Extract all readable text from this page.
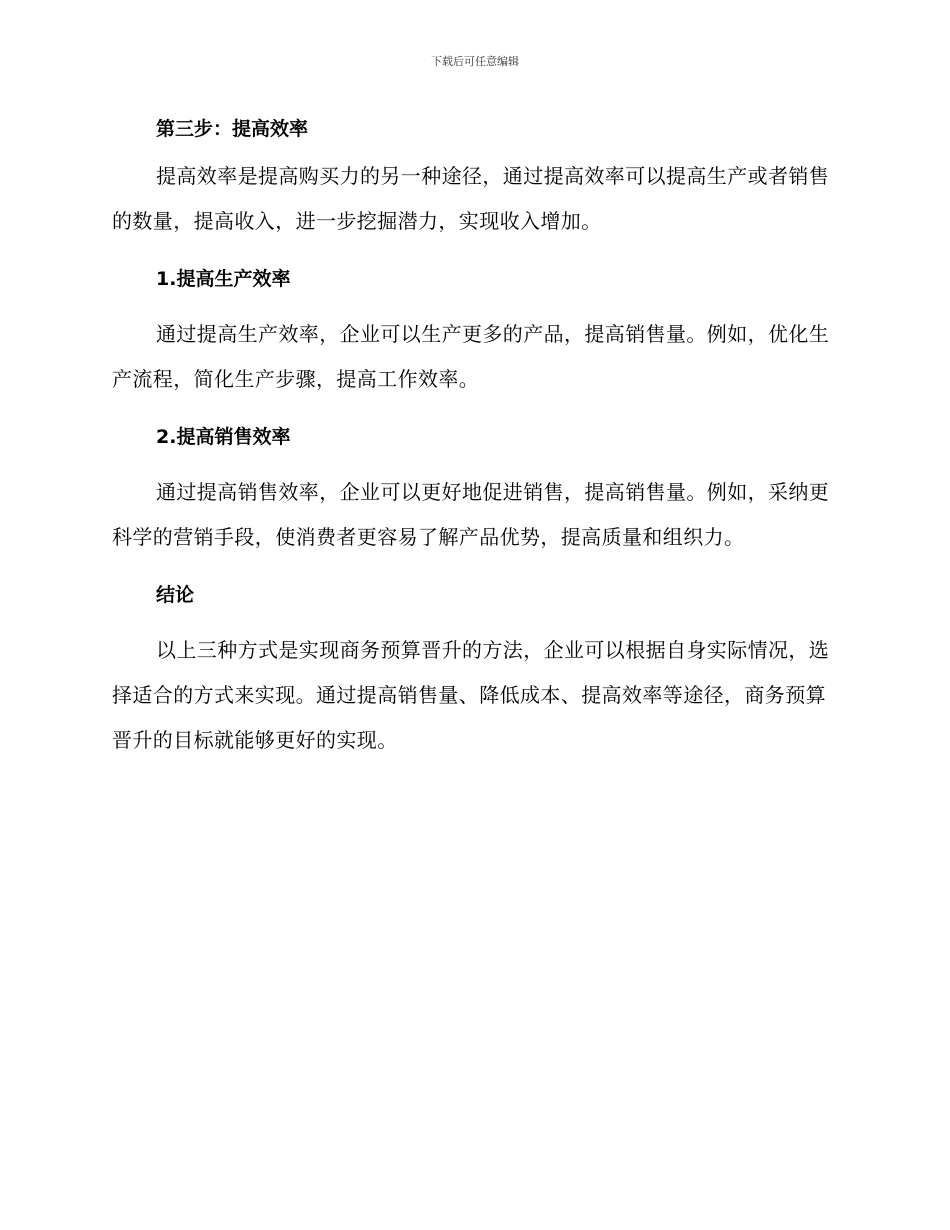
下载后可任意编辑
第三步：提高效率

提高效率是提高购买力的另一种途径，通过提高效率可以提高生产或者销售的数量，提高收入，进一步挖掘潜力，实现收入增加。

1.提高生产效率

通过提高生产效率，企业可以生产更多的产品，提高销售量。例如，优化生产流程，简化生产步骤，提高工作效率。

2.提高销售效率

通过提高销售效率，企业可以更好地促进销售，提高销售量。例如，采纳更科学的营销手段，使消费者更容易了解产品优势，提高质量和组织力。

结论

以上三种方式是实现商务预算晋升的方法，企业可以根据自身实际情况，选择适合的方式来实现。通过提高销售量、降低成本、提高效率等途径，商务预算晋升的目标就能够更好的实现。
